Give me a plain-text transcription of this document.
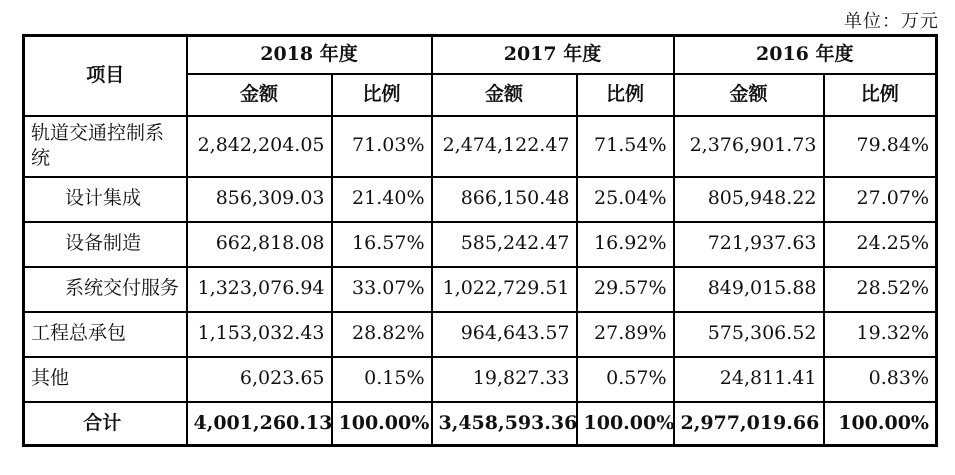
单位：万元
项目	2018 年度		2017 年度		2016 年度	
	金额	比例	金额	比例	金额	比例
轨道交通控制系统	2,842,204.05	71.03%	2,474,122.47	71.54%	2,376,901.73	79.84%
设计集成	856,309.03	21.40%	866,150.48	25.04%	805,948.22	27.07%
设备制造	662,818.08	16.57%	585,242.47	16.92%	721,937.63	24.25%
系统交付服务	1,323,076.94	33.07%	1,022,729.51	29.57%	849,015.88	28.52%
工程总承包	1,153,032.43	28.82%	964,643.57	27.89%	575,306.52	19.32%
其他	6,023.65	0.15%	19,827.33	0.57%	24,811.41	0.83%
合计	4,001,260.13	100.00%	3,458,593.36	100.00%	2,977,019.66	100.00%
